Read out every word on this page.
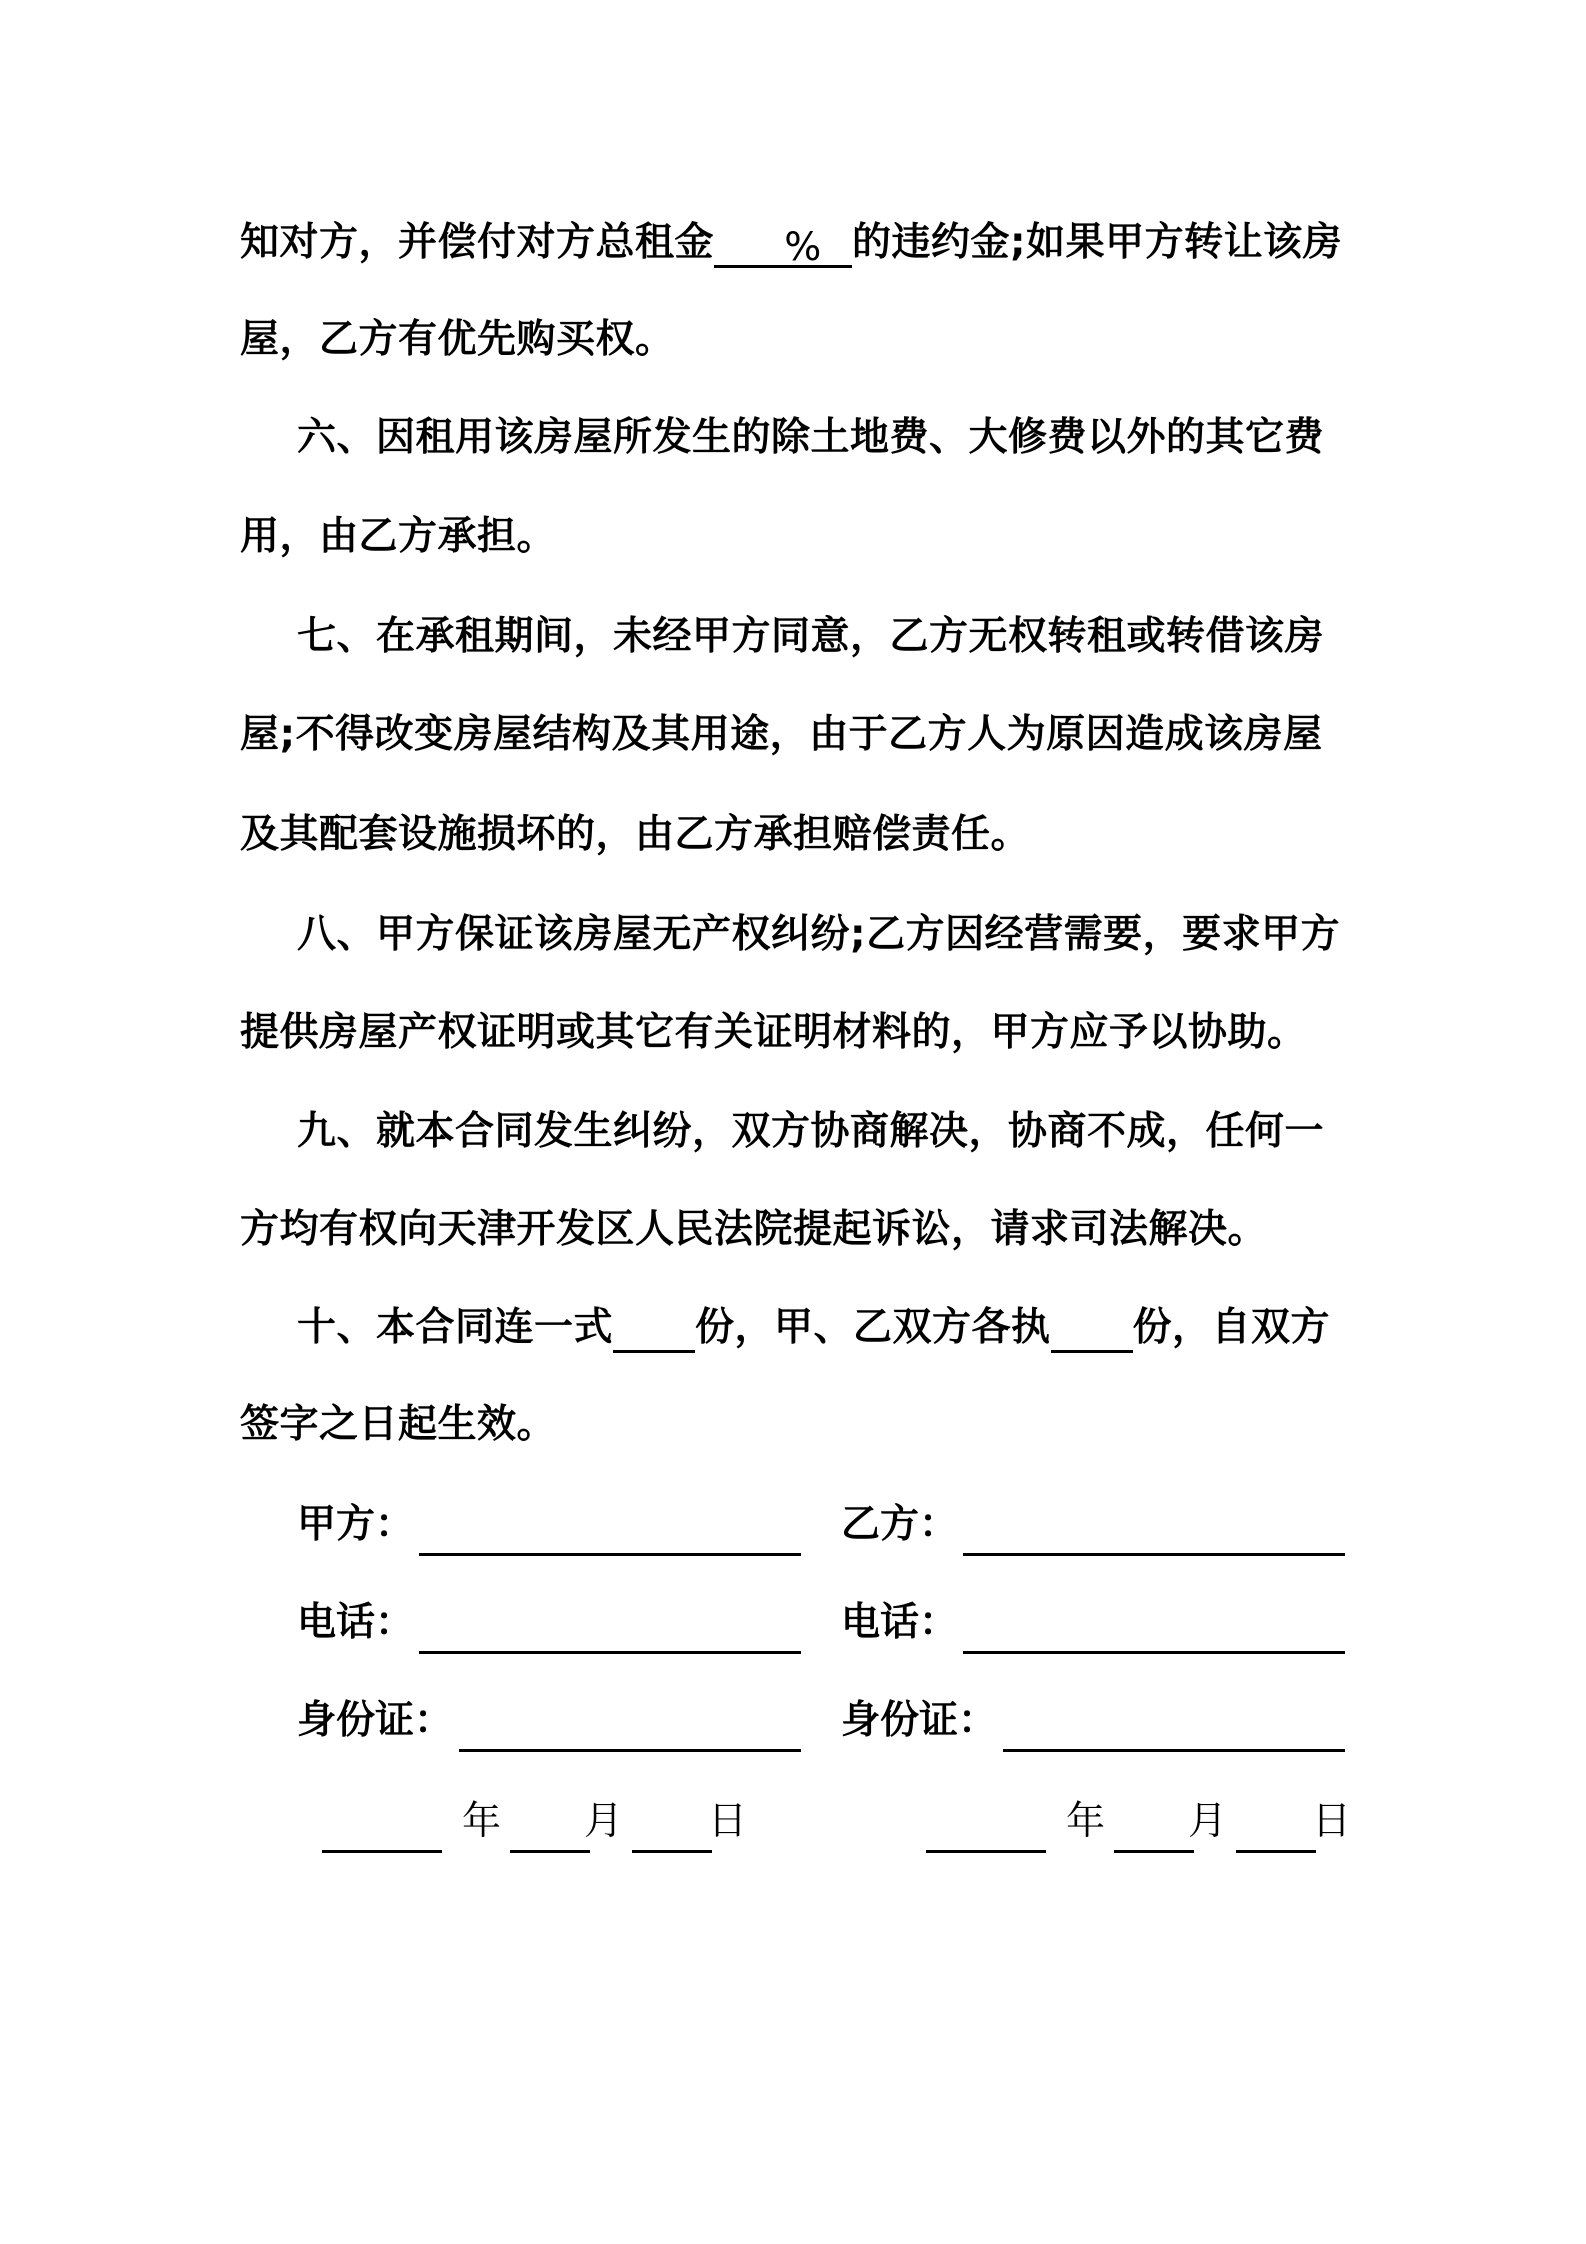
知对方，并偿付对方总租金 % 的违约金;如果甲方转让该房
屋，乙方有优先购买权。
六、因租用该房屋所发生的除土地费、大修费以外的其它费
用，由乙方承担。
七、在承租期间，未经甲方同意，乙方无权转租或转借该房
屋;不得改变房屋结构及其用途，由于乙方人为原因造成该房屋
及其配套设施损坏的，由乙方承担赔偿责任。
八、甲方保证该房屋无产权纠纷;乙方因经营需要，要求甲方
提供房屋产权证明或其它有关证明材料的，甲方应予以协助。
九、就本合同发生纠纷，双方协商解决，协商不成，任何一
方均有权向天津开发区人民法院提起诉讼，请求司法解决。
十、本合同连一式 份，甲、乙双方各执 份，自双方
签字之日起生效。
甲方：	乙方：
电话：	电话：
身份证：	身份证：
年 月 日	年 月 日
